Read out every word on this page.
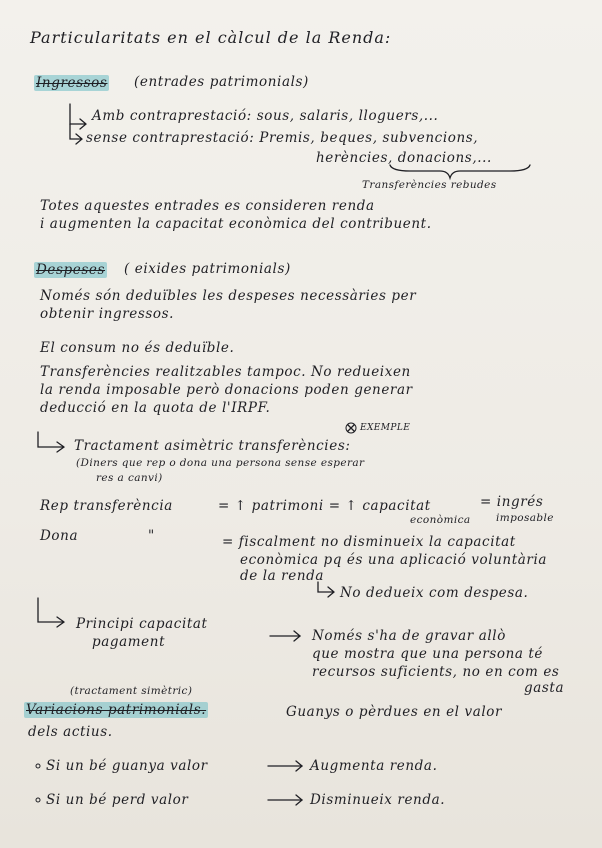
Particularitats en el càlcul de la Renda:
Ingressos (entrades patrimonials)
Amb contraprestació: sous, salaris, lloguers,...
sense contraprestació: Premis, beques, subvencions,
herències, donacions,...
Transferències rebudes
Totes aquestes entrades es consideren renda
i augmenten la capacitat econòmica del contribuent.
Despeses ( eixides patrimonials)
Només són deduïbles les despeses necessàries per
obtenir ingressos.
El consum no és deduïble.
Transferències realitzables tampoc. No redueixen
la renda imposable però donacions poden generar
deducció en la quota de l'IRPF.
EXEMPLE
Tractament asimètric transferències:
(Diners que rep o dona una persona sense esperar
res a canvi)
Rep transferència	= ↑ patrimoni = ↑ capacitat
econòmica
= ingrés
imposable
Dona	"	= fiscalment no disminueix la capacitat
econòmica pq és una aplicació voluntària
de la renda
No dedueix com despesa.
Principi capacitat
pagament	Només s'ha de gravar allò
que mostra que una persona té
recursos suficients, no en com es
gasta
(tractament simètric)
Variacions patrimonials.	Guanys o pèrdues en el valor
dels actius.
Si un bé guanya valor	Augmenta renda.
Si un bé perd valor	Disminueix renda.
